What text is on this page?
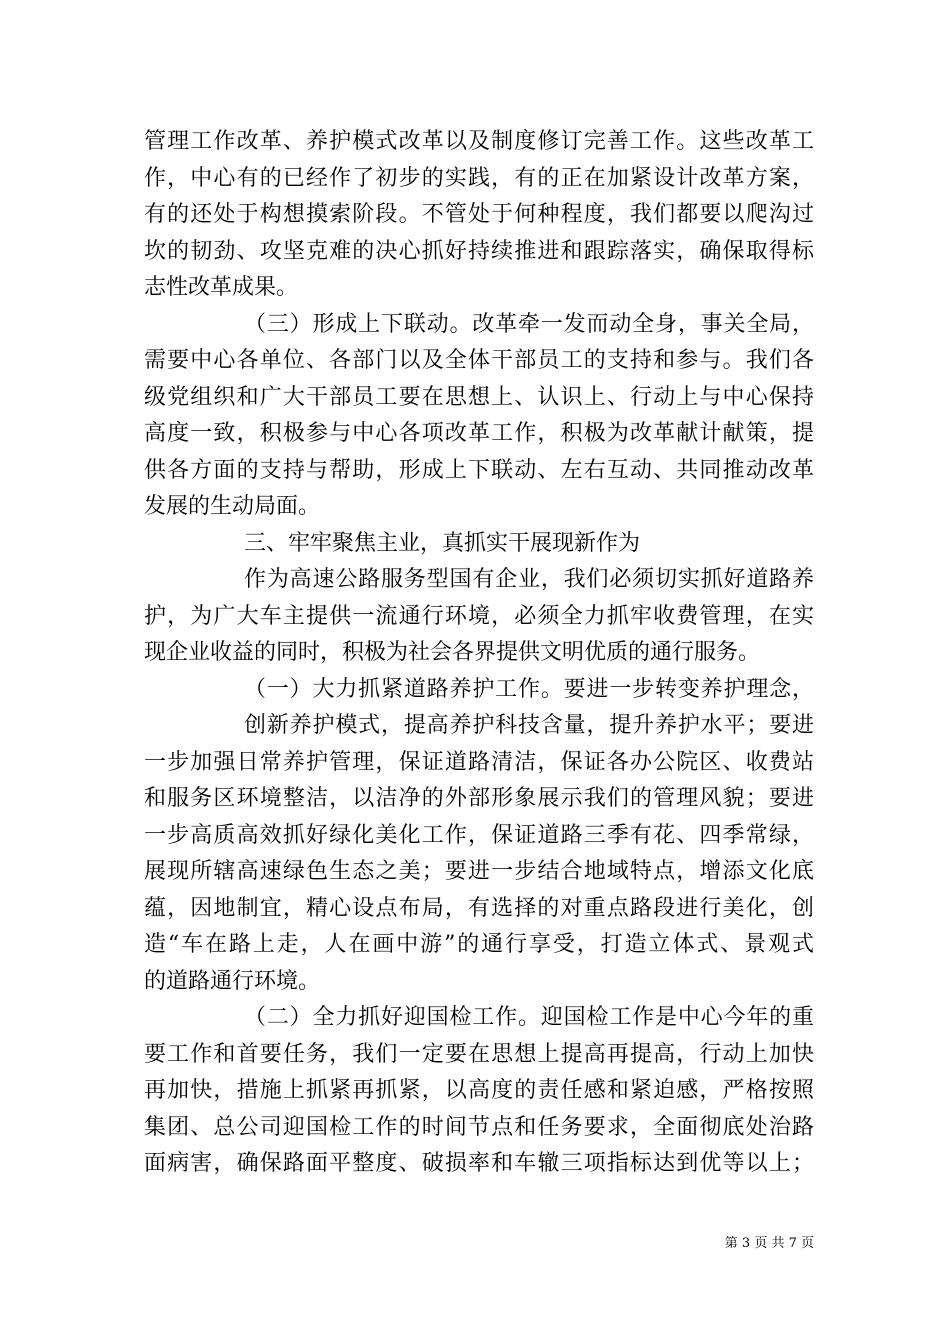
管理工作改革、养护模式改革以及制度修订完善工作。这些改革工
作，中心有的已经作了初步的实践，有的正在加紧设计改革方案，
有的还处于构想摸索阶段。不管处于何种程度，我们都要以爬沟过
坎的韧劲、攻坚克难的决心抓好持续推进和跟踪落实，确保取得标
志性改革成果。
（三）形成上下联动。改革牵一发而动全身，事关全局，
需要中心各单位、各部门以及全体干部员工的支持和参与。我们各
级党组织和广大干部员工要在思想上、认识上、行动上与中心保持
高度一致，积极参与中心各项改革工作，积极为改革献计献策，提
供各方面的支持与帮助，形成上下联动、左右互动、共同推动改革
发展的生动局面。
三、牢牢聚焦主业，真抓实干展现新作为
作为高速公路服务型国有企业，我们必须切实抓好道路养
护，为广大车主提供一流通行环境，必须全力抓牢收费管理，在实
现企业收益的同时，积极为社会各界提供文明优质的通行服务。
（一）大力抓紧道路养护工作。要进一步转变养护理念，
创新养护模式，提高养护科技含量，提升养护水平；要进
一步加强日常养护管理，保证道路清洁，保证各办公院区、收费站
和服务区环境整洁，以洁净的外部形象展示我们的管理风貌；要进
一步高质高效抓好绿化美化工作，保证道路三季有花、四季常绿，
展现所辖高速绿色生态之美；要进一步结合地域特点，增添文化底
蕴，因地制宜，精心设点布局，有选择的对重点路段进行美化，创
造“车在路上走，人在画中游”的通行享受，打造立体式、景观式
的道路通行环境。
（二）全力抓好迎国检工作。迎国检工作是中心今年的重
要工作和首要任务，我们一定要在思想上提高再提高，行动上加快
再加快，措施上抓紧再抓紧，以高度的责任感和紧迫感，严格按照
集团、总公司迎国检工作的时间节点和任务要求，全面彻底处治路
面病害，确保路面平整度、破损率和车辙三项指标达到优等以上；
第 3 页 共 7 页
